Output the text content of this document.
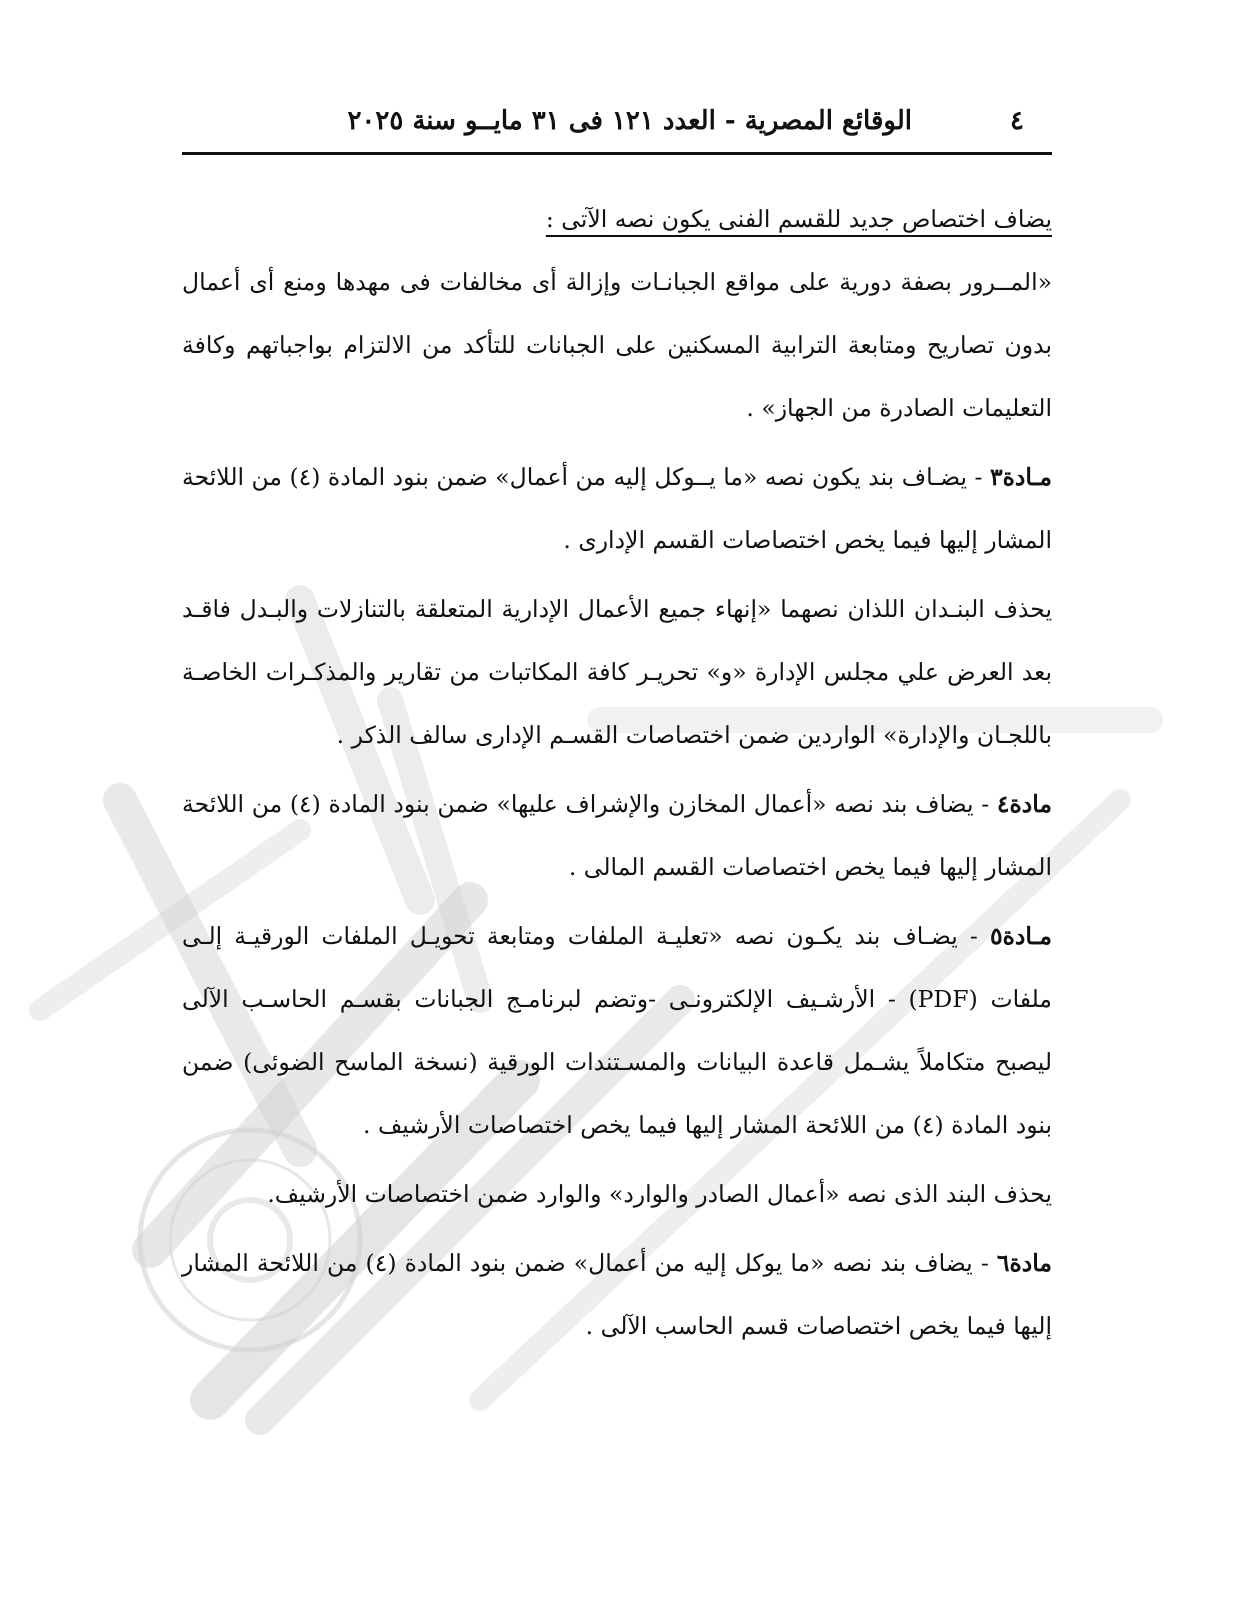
٤
الوقائع المصرية - العدد ١٢١ فى ٣١ مايــو سنة ٢٠٢٥

يضاف اختصاص جديد للقسم الفنى يكون نصه الآتى :

«المــرور بصفة دورية على مواقع الجبانـات وإزالة أى مخالفات فى مهدها ومنع أى أعمال بدون تصاريح ومتابعة الترابية المسكنين على الجبانات للتأكد من الالتزام بواجباتهم وكافة التعليمات الصادرة من الجهاز» .

مـادة٣ - يضـاف بند يكون نصه «ما يــوكل إليه من أعمال» ضمن بنود المادة (٤) من اللائحة المشار إليها فيما يخص اختصاصات القسم الإدارى .

يحذف البنـدان اللذان نصهما «إنهاء جميع الأعمال الإدارية المتعلقة بالتنازلات والبـدل فاقـد بعد العرض علي مجلس الإدارة «و» تحريـر كافة المكاتبات من تقارير والمذكـرات الخاصـة باللجـان والإدارة» الواردين ضمن اختصاصات القسـم الإدارى سالف الذكر .

مادة٤ - يضاف بند نصه «أعمال المخازن والإشراف عليها» ضمن بنود المادة (٤) من اللائحة المشار إليها فيما يخص اختصاصات القسم المالى .

مـادة٥ - يضـاف بند يكـون نصه «تعليـة الملفات ومتابعة تحويـل الملفات الورقيـة إلـى ملفات (PDF) - الأرشـيف الإلكترونـى -وتضم لبرنامـج الجبانات بقسـم الحاسـب الآلى ليصبح متكاملاً يشـمل قاعدة البيانات والمسـتندات الورقية (نسخة الماسح الضوئى) ضمن بنود المادة (٤) من اللائحة المشار إليها فيما يخص اختصاصات الأرشيف .

يحذف البند الذى نصه «أعمال الصادر والوارد» والوارد ضمن اختصاصات الأرشيف.

مادة٦ - يضاف بند نصه «ما يوكل إليه من أعمال» ضمن بنود المادة (٤) من اللائحة المشار إليها فيما يخص اختصاصات قسم الحاسب الآلى .
